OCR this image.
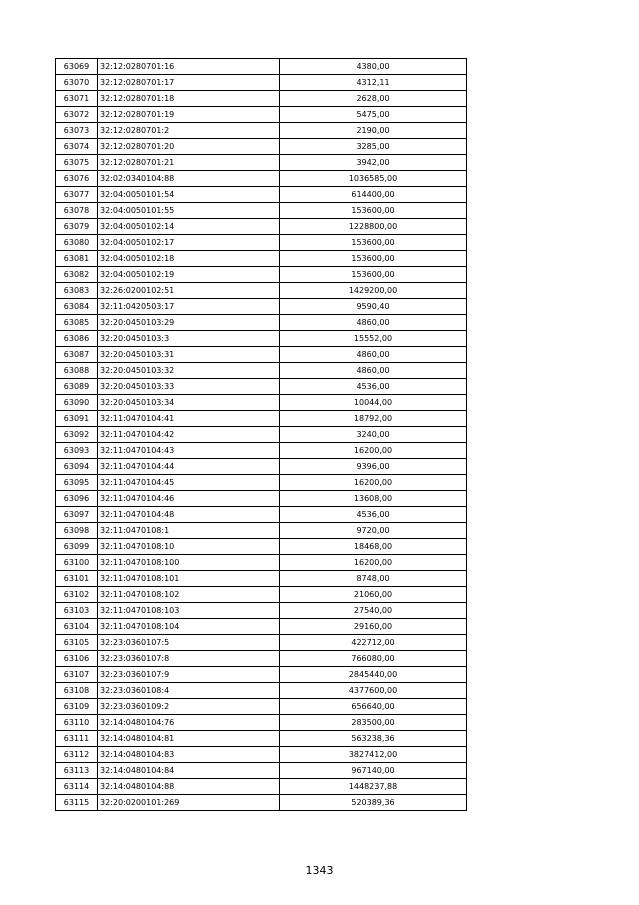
63069	32:12:0280701:16	4380,00
63070	32:12:0280701:17	4312,11
63071	32:12:0280701:18	2628,00
63072	32:12:0280701:19	5475,00
63073	32:12:0280701:2	2190,00
63074	32:12:0280701:20	3285,00
63075	32:12:0280701:21	3942,00
63076	32:02:0340104:88	1036585,00
63077	32:04:0050101:54	614400,00
63078	32:04:0050101:55	153600,00
63079	32:04:0050102:14	1228800,00
63080	32:04:0050102:17	153600,00
63081	32:04:0050102:18	153600,00
63082	32:04:0050102:19	153600,00
63083	32:26:0200102:51	1429200,00
63084	32:11:0420503:17	9590,40
63085	32:20:0450103:29	4860,00
63086	32:20:0450103:3	15552,00
63087	32:20:0450103:31	4860,00
63088	32:20:0450103:32	4860,00
63089	32:20:0450103:33	4536,00
63090	32:20:0450103:34	10044,00
63091	32:11:0470104:41	18792,00
63092	32:11:0470104:42	3240,00
63093	32:11:0470104:43	16200,00
63094	32:11:0470104:44	9396,00
63095	32:11:0470104:45	16200,00
63096	32:11:0470104:46	13608,00
63097	32:11:0470104:48	4536,00
63098	32:11:0470108:1	9720,00
63099	32:11:0470108:10	18468,00
63100	32:11:0470108:100	16200,00
63101	32:11:0470108:101	8748,00
63102	32:11:0470108:102	21060,00
63103	32:11:0470108:103	27540,00
63104	32:11:0470108:104	29160,00
63105	32:23:0360107:5	422712,00
63106	32:23:0360107:8	766080,00
63107	32:23:0360107:9	2845440,00
63108	32:23:0360108:4	4377600,00
63109	32:23:0360109:2	656640,00
63110	32:14:0480104:76	283500,00
63111	32:14:0480104:81	563238,36
63112	32:14:0480104:83	3827412,00
63113	32:14:0480104:84	967140,00
63114	32:14:0480104:88	1448237,88
63115	32:20:0200101:269	520389,36
1343
